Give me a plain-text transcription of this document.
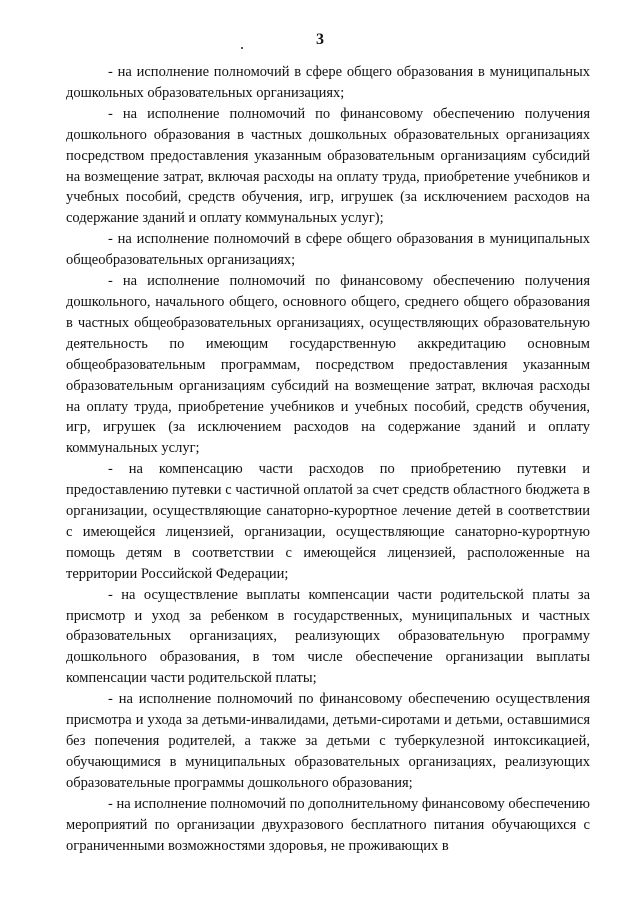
3

- на исполнение полномочий в сфере общего образования в муниципальных дошкольных образовательных организациях;

- на исполнение полномочий по финансовому обеспечению получения дошкольного образования в частных дошкольных образовательных организациях посредством предоставления указанным образовательным организациям субсидий на возмещение затрат, включая расходы на оплату труда, приобретение учебников и учебных пособий, средств обучения, игр, игрушек (за исключением расходов на содержание зданий и оплату коммунальных услуг);

- на исполнение полномочий в сфере общего образования в муниципальных общеобразовательных организациях;

- на исполнение полномочий по финансовому обеспечению получения дошкольного, начального общего, основного общего, среднего общего образования в частных общеобразовательных организациях, осуществляющих образовательную деятельность по имеющим государственную аккредитацию основным общеобразовательным программам, посредством предоставления указанным образовательным организациям субсидий на возмещение затрат, включая расходы на оплату труда, приобретение учебников и учебных пособий, средств обучения, игр, игрушек (за исключением расходов на содержание зданий и оплату коммунальных услуг;

- на компенсацию части расходов по приобретению путевки и предоставлению путевки с частичной оплатой за счет средств областного бюджета в организации, осуществляющие санаторно-курортное лечение детей в соответствии с имеющейся лицензией, организации, осуществляющие санаторно-курортную помощь детям в соответствии с имеющейся лицензией, расположенные на территории Российской Федерации;

- на осуществление выплаты компенсации части родительской платы за присмотр и уход за ребенком в государственных, муниципальных и частных образовательных организациях, реализующих образовательную программу дошкольного образования, в том числе обеспечение организации выплаты компенсации части родительской платы;

- на исполнение полномочий по финансовому обеспечению осуществления присмотра и ухода за детьми-инвалидами, детьми-сиротами и детьми, оставшимися без попечения родителей, а также за детьми с туберкулезной интоксикацией, обучающимися в муниципальных образовательных организациях, реализующих образовательные программы дошкольного образования;

- на исполнение полномочий по дополнительному финансовому обеспечению мероприятий по организации двухразового бесплатного питания обучающихся с ограниченными возможностями здоровья, не проживающих в
